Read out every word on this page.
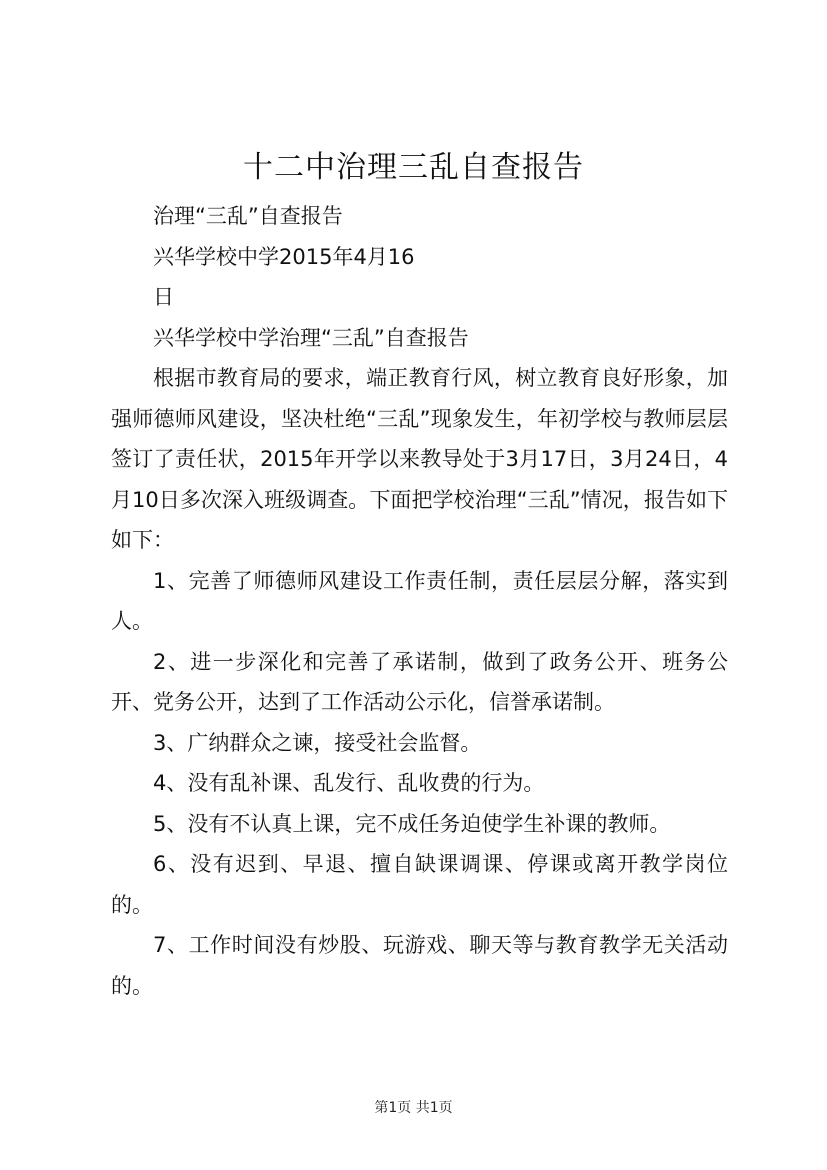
十二中治理三乱自查报告
治理“三乱”自查报告
兴华学校中学2015年4月16
日
兴华学校中学治理“三乱”自查报告
根据市教育局的要求，端正教育行风，树立教育良好形象，加强师德师风建设，坚决杜绝“三乱”现象发生，年初学校与教师层层签订了责任状，2015年开学以来教导处于3月17日，3月24日，4月10日多次深入班级调查。下面把学校治理“三乱”情况，报告如下如下：
1、完善了师德师风建设工作责任制，责任层层分解，落实到人。
2、进一步深化和完善了承诺制，做到了政务公开、班务公开、党务公开，达到了工作活动公示化，信誉承诺制。
3、广纳群众之谏，接受社会监督。
4、没有乱补课、乱发行、乱收费的行为。
5、没有不认真上课，完不成任务迫使学生补课的教师。
6、没有迟到、早退、擅自缺课调课、停课或离开教学岗位的。
7、工作时间没有炒股、玩游戏、聊天等与教育教学无关活动的。
第1页 共1页
